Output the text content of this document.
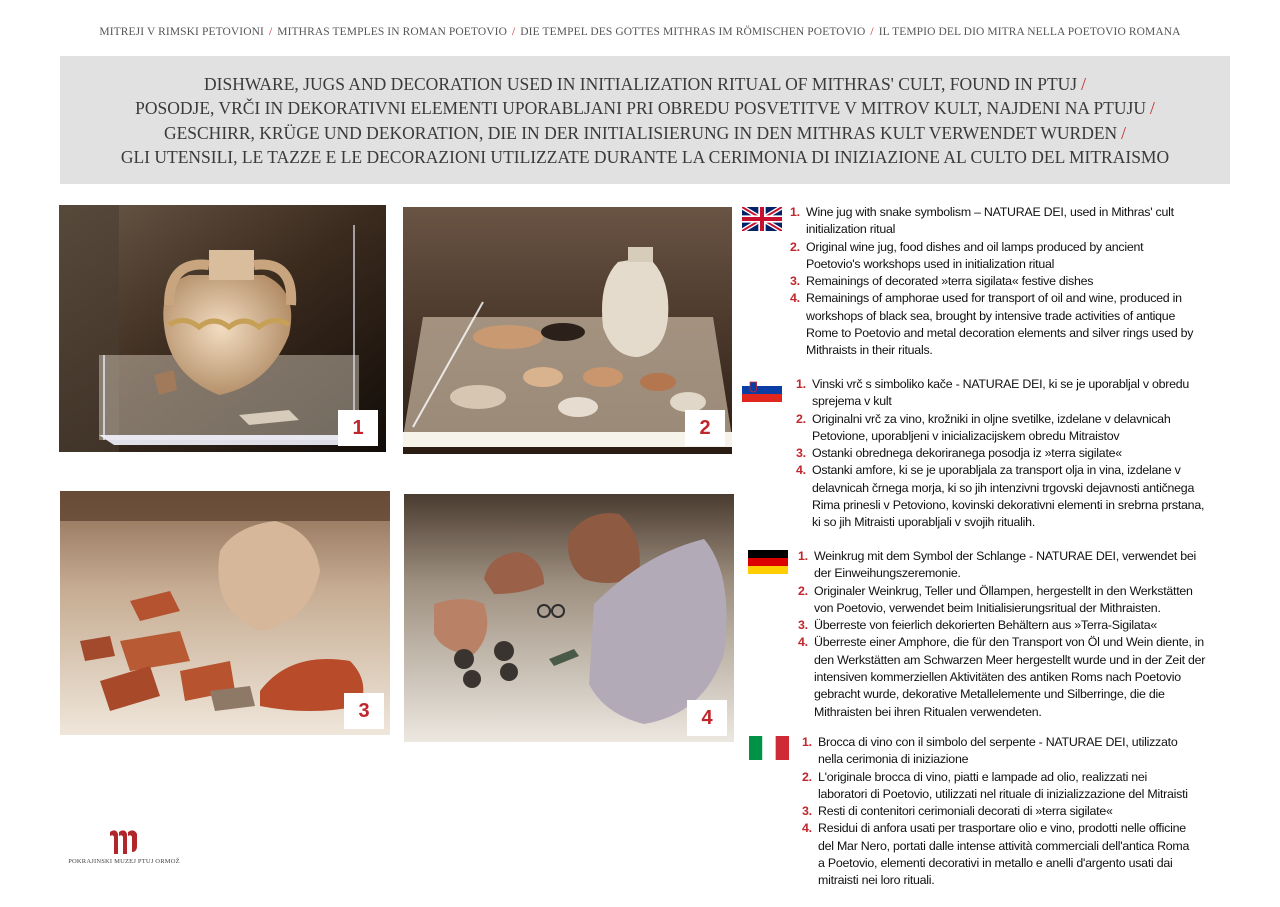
MITREJI V RIMSKI PETOVIONI / MITHRAS TEMPLES IN ROMAN POETOVIO / DIE TEMPEL DES GOTTES MITHRAS IM RÖMISCHEN POETOVIO / IL TEMPIO DEL DIO MITRA NELLA POETOVIO ROMANA
DISHWARE, JUGS AND DECORATION USED IN INITIALIZATION RITUAL OF MITHRAS' CULT, FOUND IN PTUJ /
POSODJE, VRČI IN DEKORATIVNI ELEMENTI UPORABLJANI PRI OBREDU POSVETITVE V MITROV KULT, NAJDENI NA PTUJU /
GESCHIRR, KRÜGE UND DEKORATION, DIE IN DER INITIALISIERUNG IN DEN MITHRAS KULT VERWENDET WURDEN /
GLI UTENSILI, LE TAZZE E LE DECORAZIONI UTILIZZATE DURANTE LA CERIMONIA DI INIZIAZIONE AL CULTO DEL MITRAISMO
1	2
3	4
1. Wine jug with snake symbolism – NATURAE DEI, used in Mithras' cult
initialization ritual
2. Original wine jug, food dishes and oil lamps produced by ancient
Poetovio's workshops used in initialization ritual
3. Remainings of decorated »terra sigilata« festive dishes
4. Remainings of amphorae used for transport of oil and wine, produced in
workshops of black sea, brought by intensive trade activities of antique
Rome to Poetovio and metal decoration elements and silver rings used by
Mithraists in their rituals.
1. Vinski vrč s simboliko kače - NATURAE DEI, ki se je uporabljal v obredu
sprejema v kult
2. Originalni vrč za vino, krožniki in oljne svetilke, izdelane v delavnicah
Petovione, uporabljeni v inicializacijskem obredu Mitraistov
3. Ostanki obrednega dekoriranega posodja iz »terra sigilate«
4. Ostanki amfore, ki se je uporabljala za transport olja in vina, izdelane v
delavnicah črnega morja, ki so jih intenzivni trgovski dejavnosti antičnega
Rima prinesli v Petoviono, kovinski dekorativni elementi in srebrna prstana,
ki so jih Mitraisti uporabljali v svojih ritualih.
1. Weinkrug mit dem Symbol der Schlange - NATURAE DEI, verwendet bei
der Einweihungszeremonie.
2. Originaler Weinkrug, Teller und Öllampen, hergestellt in den Werkstätten
von Poetovio, verwendet beim Initialisierungsritual der Mithraisten.
3. Überreste von feierlich dekorierten Behältern aus »Terra-Sigilata«
4. Überreste einer Amphore, die für den Transport von Öl und Wein diente, in
den Werkstätten am Schwarzen Meer hergestellt wurde und in der Zeit der
intensiven kommerziellen Aktivitäten des antiken Roms nach Poetovio
gebracht wurde, dekorative Metallelemente und Silberringe, die die
Mithraisten bei ihren Ritualen verwendeten.
1. Brocca di vino con il simbolo del serpente - NATURAE DEI, utilizzato
nella cerimonia di iniziazione
2. L'originale brocca di vino, piatti e lampade ad olio, realizzati nei
laboratori di Poetovio, utilizzati nel rituale di inizializzazione del Mitraisti
3. Resti di contenitori cerimoniali decorati di »terra sigilate«
4. Residui di anfora usati per trasportare olio e vino, prodotti nelle officine
del Mar Nero, portati dalle intense attività commerciali dell'antica Roma
a Poetovio, elementi decorativi in metallo e anelli d'argento usati dai
mitraisti nei loro rituali.
POKRAJINSKI MUZEJ PTUJ ORMOŽ
